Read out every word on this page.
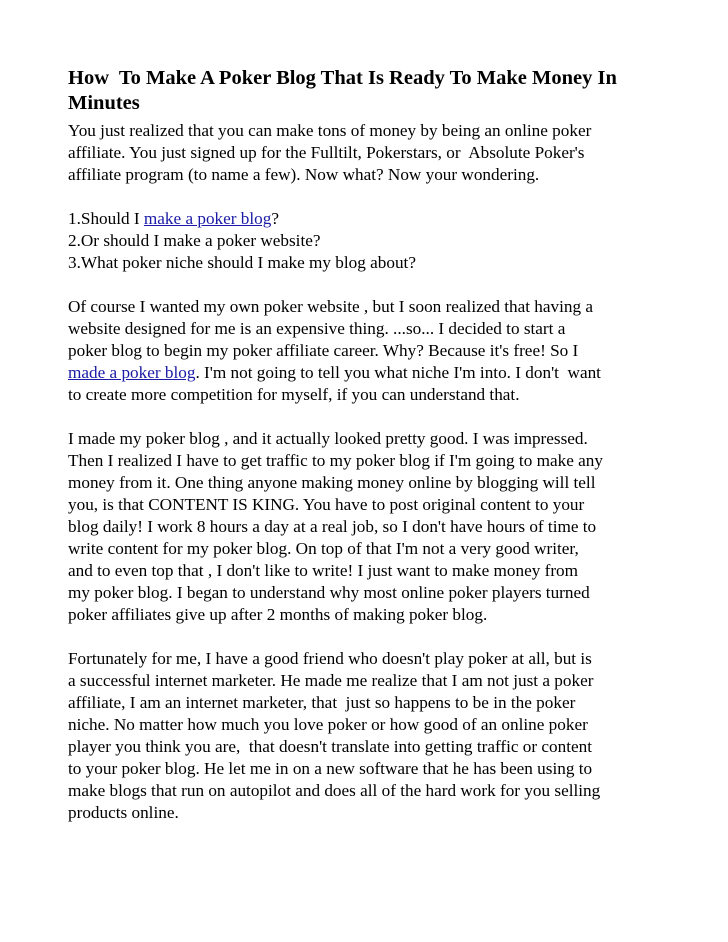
How  To Make A Poker Blog That Is Ready To Make Money In Minutes
You just realized that you can make tons of money by being an online poker
affiliate. You just signed up for the Fulltilt, Pokerstars, or  Absolute Poker's
affiliate program (to name a few). Now what? Now your wondering.
1.Should I make a poker blog?
2.Or should I make a poker website?
3.What poker niche should I make my blog about?
Of course I wanted my own poker website , but I soon realized that having a
website designed for me is an expensive thing. ...so... I decided to start a
poker blog to begin my poker affiliate career. Why? Because it's free! So I
made a poker blog. I'm not going to tell you what niche I'm into. I don't  want
to create more competition for myself, if you can understand that.
I made my poker blog , and it actually looked pretty good. I was impressed.
Then I realized I have to get traffic to my poker blog if I'm going to make any
money from it. One thing anyone making money online by blogging will tell
you, is that CONTENT IS KING. You have to post original content to your
blog daily! I work 8 hours a day at a real job, so I don't have hours of time to
write content for my poker blog. On top of that I'm not a very good writer,
and to even top that , I don't like to write! I just want to make money from
my poker blog. I began to understand why most online poker players turned
poker affiliates give up after 2 months of making poker blog.
Fortunately for me, I have a good friend who doesn't play poker at all, but is
a successful internet marketer. He made me realize that I am not just a poker
affiliate, I am an internet marketer, that  just so happens to be in the poker
niche. No matter how much you love poker or how good of an online poker
player you think you are,  that doesn't translate into getting traffic or content
to your poker blog. He let me in on a new software that he has been using to
make blogs that run on autopilot and does all of the hard work for you selling
products online.
